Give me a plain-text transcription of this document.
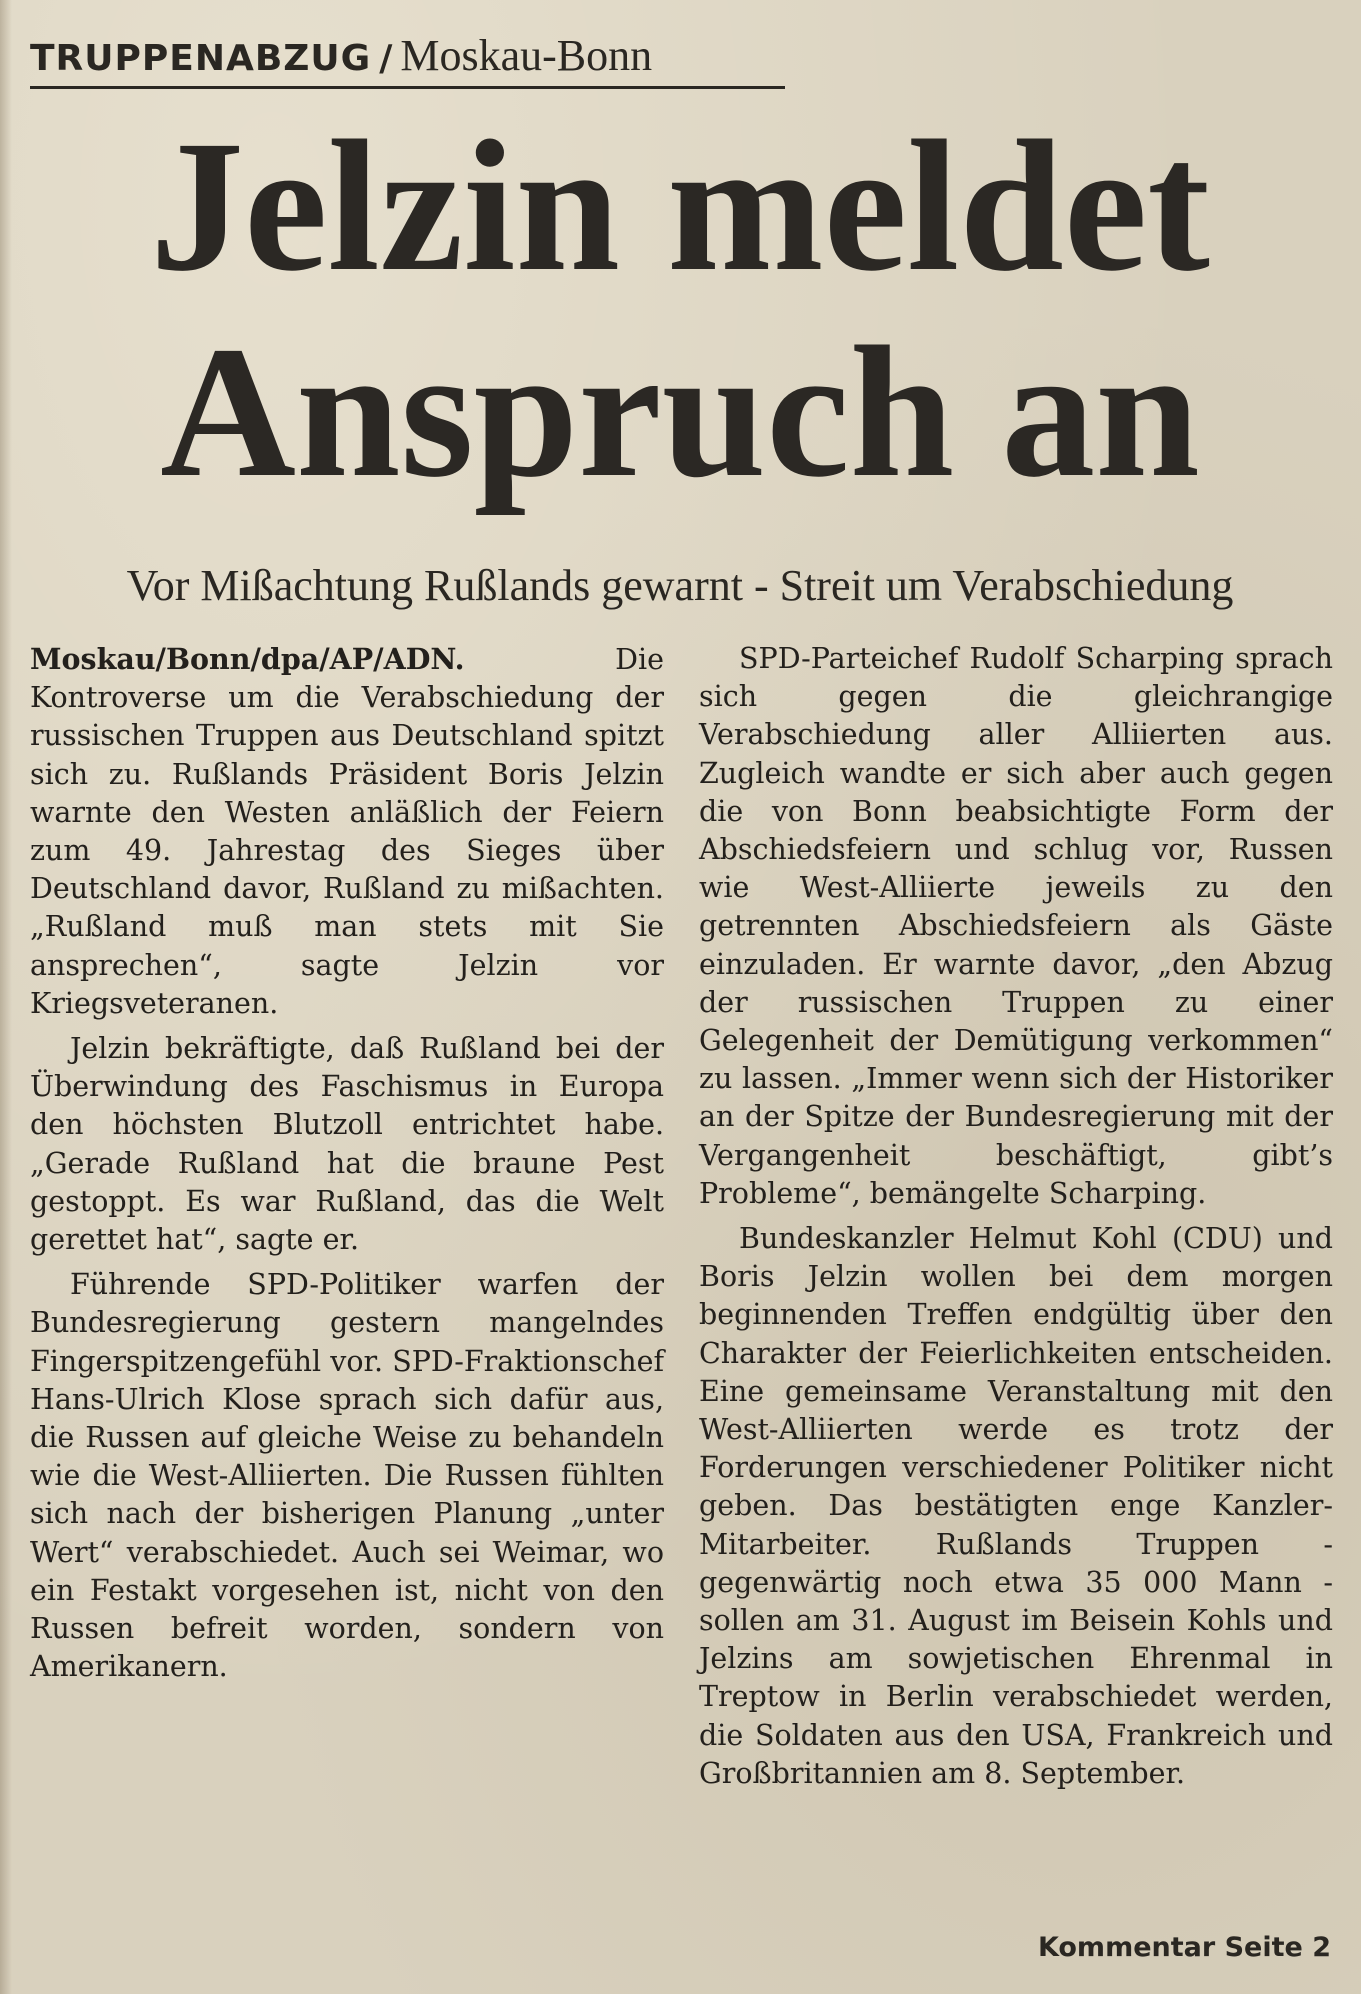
TRUPPENABZUG / Moskau-Bonn
Jelzin meldet
Anspruch an
Vor Mißachtung Rußlands gewarnt - Streit um Verabschiedung

Moskau/Bonn/dpa/AP/ADN.	Die Kontroverse um die Verabschiedung der russischen Truppen aus Deutschland spitzt sich zu. Rußlands Präsident Boris Jelzin warnte den Westen anläßlich der Feiern zum 49. Jahrestag des Sieges über Deutschland davor, Rußland zu mißachten. „Rußland muß man stets mit Sie ansprechen“, sagte Jelzin vor Kriegsveteranen.

Jelzin bekräftigte, daß Rußland bei der Überwindung des Faschismus in Europa den höchsten Blutzoll entrichtet habe. „Gerade Rußland hat die braune Pest gestoppt. Es war Rußland, das die Welt gerettet hat“, sagte er.

Führende SPD-Politiker warfen der Bundesregierung gestern mangelndes Fingerspitzengefühl vor. SPD-Fraktionschef Hans-Ulrich Klose sprach sich dafür aus, die Russen auf gleiche Weise zu behandeln wie die West-Alliierten. Die Russen fühlten sich nach der bisherigen Planung „unter Wert“ verabschiedet. Auch sei Weimar, wo ein Festakt vorgesehen ist, nicht von den Russen befreit worden, sondern von Amerikanern.

SPD-Parteichef Rudolf Scharping sprach sich gegen die gleichrangige Verabschiedung aller Alliierten aus. Zugleich wandte er sich aber auch gegen die von Bonn beabsichtigte Form der Abschiedsfeiern und schlug vor, Russen wie West-Alliierte jeweils zu den getrennten Abschiedsfeiern als Gäste einzuladen. Er warnte davor, „den Abzug der russischen Truppen zu einer Gelegenheit der Demütigung verkommen“ zu lassen. „Immer wenn sich der Historiker an der Spitze der Bundesregierung mit der Vergangenheit beschäftigt, gibt’s Probleme“, bemängelte Scharping.

Bundeskanzler Helmut Kohl (CDU) und Boris Jelzin wollen bei dem morgen beginnenden Treffen endgültig über den Charakter der Feierlichkeiten entscheiden. Eine gemeinsame Veranstaltung mit den West-Alliierten werde es trotz der Forderungen verschiedener Politiker nicht geben. Das bestätigten enge Kanzler-Mitarbeiter. Rußlands Truppen - gegenwärtig noch etwa 35 000 Mann - sollen am 31. August im Beisein Kohls und Jelzins am sowjetischen Ehrenmal in Treptow in Berlin verabschiedet werden, die Soldaten aus den USA, Frankreich und Großbritannien am 8. September.

Kommentar Seite 2
